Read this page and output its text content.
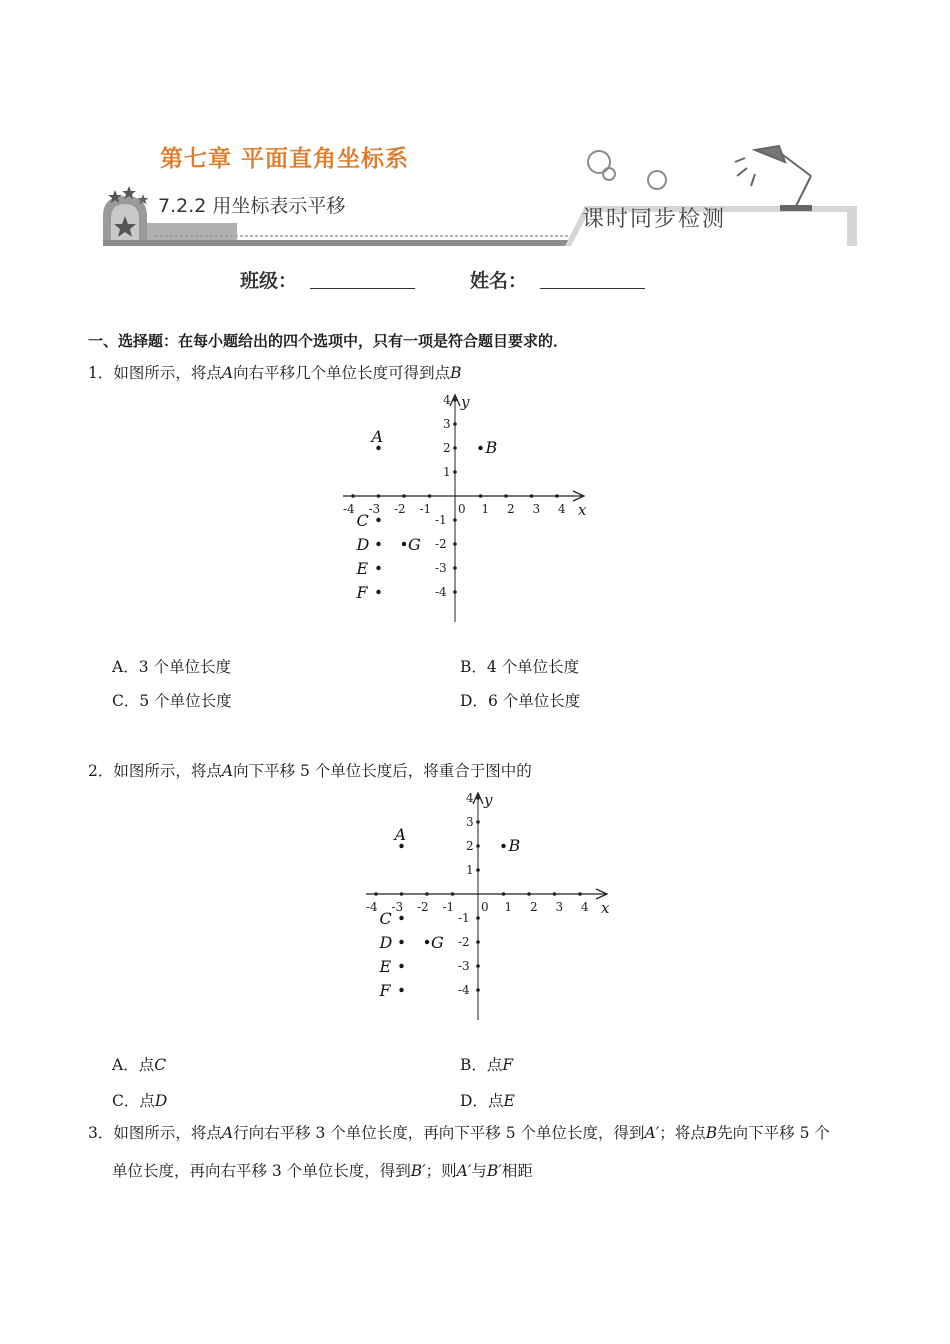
第七章 平面直角坐标系
7.2.2 用坐标表示平移
课时同步检测
班级：	姓名：
一、选择题：在每小题给出的四个选项中，只有一项是符合题目要求的．
1．如图所示，将点A向右平移几个单位长度可得到点B
x
y
-4 -3 -2 -1 0 1 2 3 4
4
3
2
1
-1
-2
-3
-4
A
B
C
D G
E
F
A．3 个单位长度	B．4 个单位长度
C．5 个单位长度	D．6 个单位长度
2．如图所示，将点A向下平移 5 个单位长度后，将重合于图中的
x
y
-4 -3 -2 -1 0 1 2 3 4
4
3
2
1
-1
-2
-3
-4
A
B
C
D G
E
F
A．点C	B．点F
C．点D	D．点E
3．如图所示，将点A行向右平移 3 个单位长度，再向下平移 5 个单位长度，得到A′；将点B先向下平移 5 个
单位长度，再向右平移 3 个单位长度，得到B′；则A′与B′相距
